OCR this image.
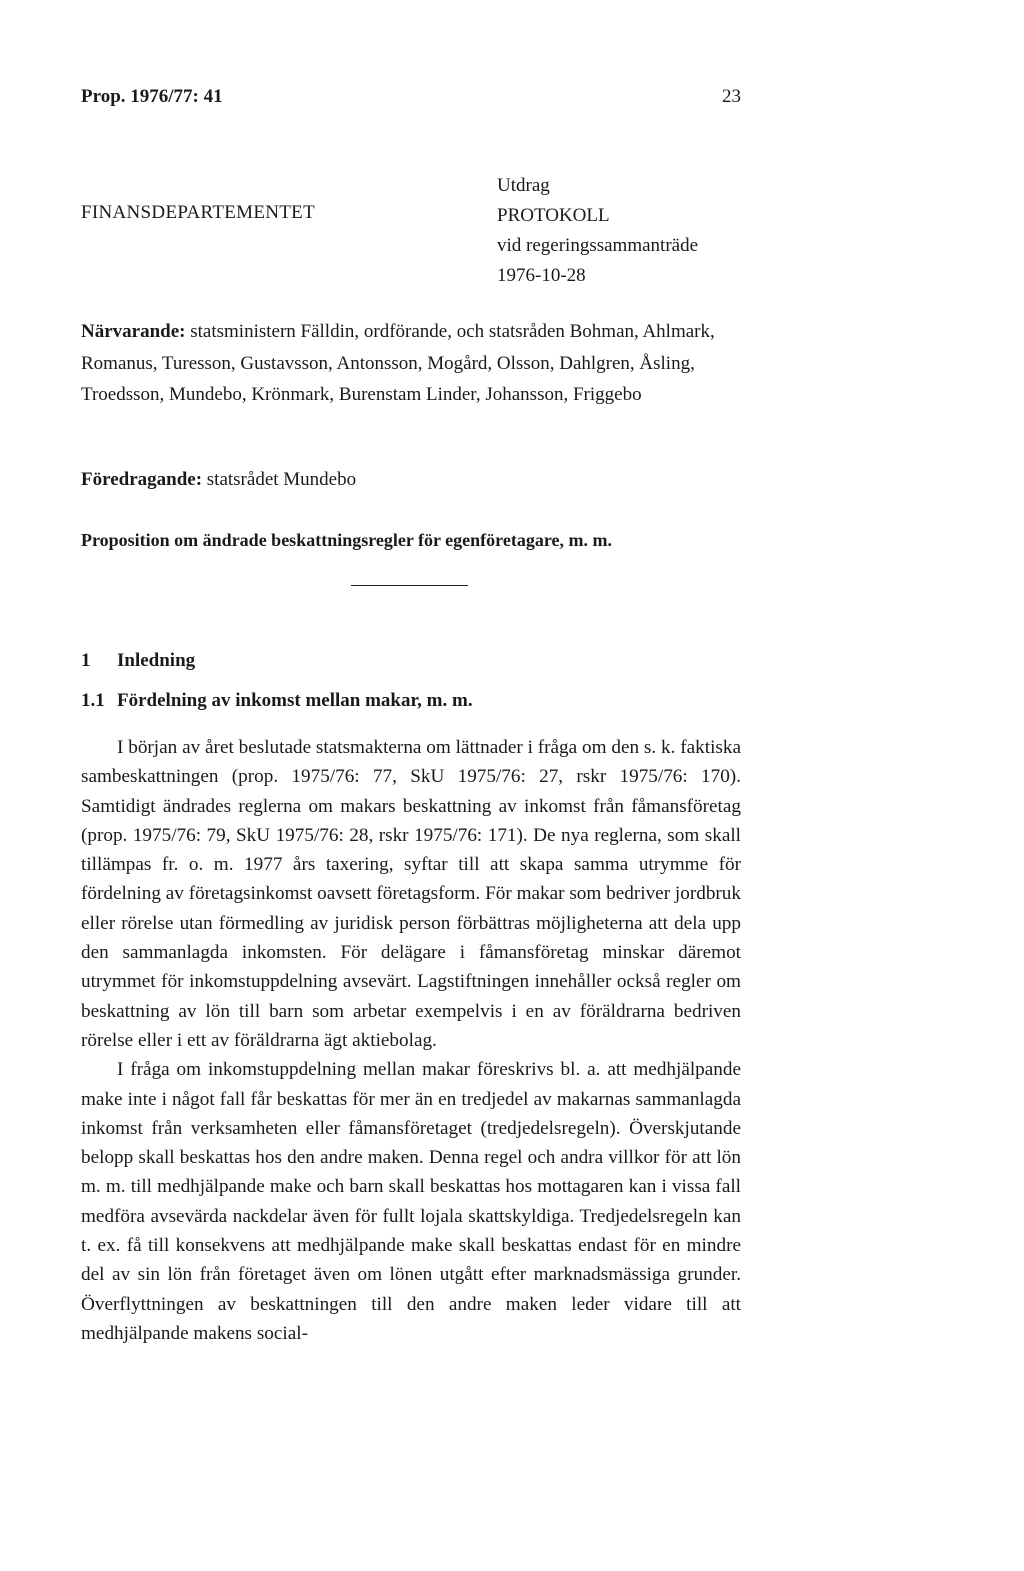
Prop. 1976/77: 41	23
FINANSDEPARTEMENTET
Utdrag
PROTOKOLL
vid regeringssammanträde
1976-10-28
Närvarande: statsministern Fälldin, ordförande, och statsråden Bohman, Ahlmark, Romanus, Turesson, Gustavsson, Antonsson, Mogård, Olsson, Dahlgren, Åsling, Troedsson, Mundebo, Krönmark, Burenstam Linder, Johansson, Friggebo
Föredragande: statsrådet Mundebo
Proposition om ändrade beskattningsregler för egenföretagare, m. m.
1 Inledning
1.1 Fördelning av inkomst mellan makar, m. m.

I början av året beslutade statsmakterna om lättnader i fråga om den s. k. faktiska sambeskattningen (prop. 1975/76: 77, SkU 1975/76: 27, rskr 1975/76: 170). Samtidigt ändrades reglerna om makars beskattning av inkomst från fåmansföretag (prop. 1975/76: 79, SkU 1975/76: 28, rskr 1975/76: 171). De nya reglerna, som skall tillämpas fr. o. m. 1977 års taxering, syftar till att skapa samma utrymme för fördelning av företagsinkomst oavsett företagsform. För makar som bedriver jordbruk eller rörelse utan förmedling av juridisk person förbättras möjligheterna att dela upp den sammanlagda inkomsten. För delägare i fåmansföretag minskar däremot utrymmet för inkomstuppdelning avsevärt. Lagstiftningen innehåller också regler om beskattning av lön till barn som arbetar exempelvis i en av föräldrarna bedriven rörelse eller i ett av föräldrarna ägt aktiebolag.

I fråga om inkomstuppdelning mellan makar föreskrivs bl. a. att medhjälpande make inte i något fall får beskattas för mer än en tredjedel av makarnas sammanlagda inkomst från verksamheten eller fåmansföretaget (tredjedelsregeln). Överskjutande belopp skall beskattas hos den andre maken. Denna regel och andra villkor för att lön m. m. till medhjälpande make och barn skall beskattas hos mottagaren kan i vissa fall medföra avsevärda nackdelar även för fullt lojala skattskyldiga. Tredjedelsregeln kan t. ex. få till konsekvens att medhjälpande make skall beskattas endast för en mindre del av sin lön från företaget även om lönen utgått efter marknadsmässiga grunder. Överflyttningen av beskattningen till den andre maken leder vidare till att medhjälpande makens social-
